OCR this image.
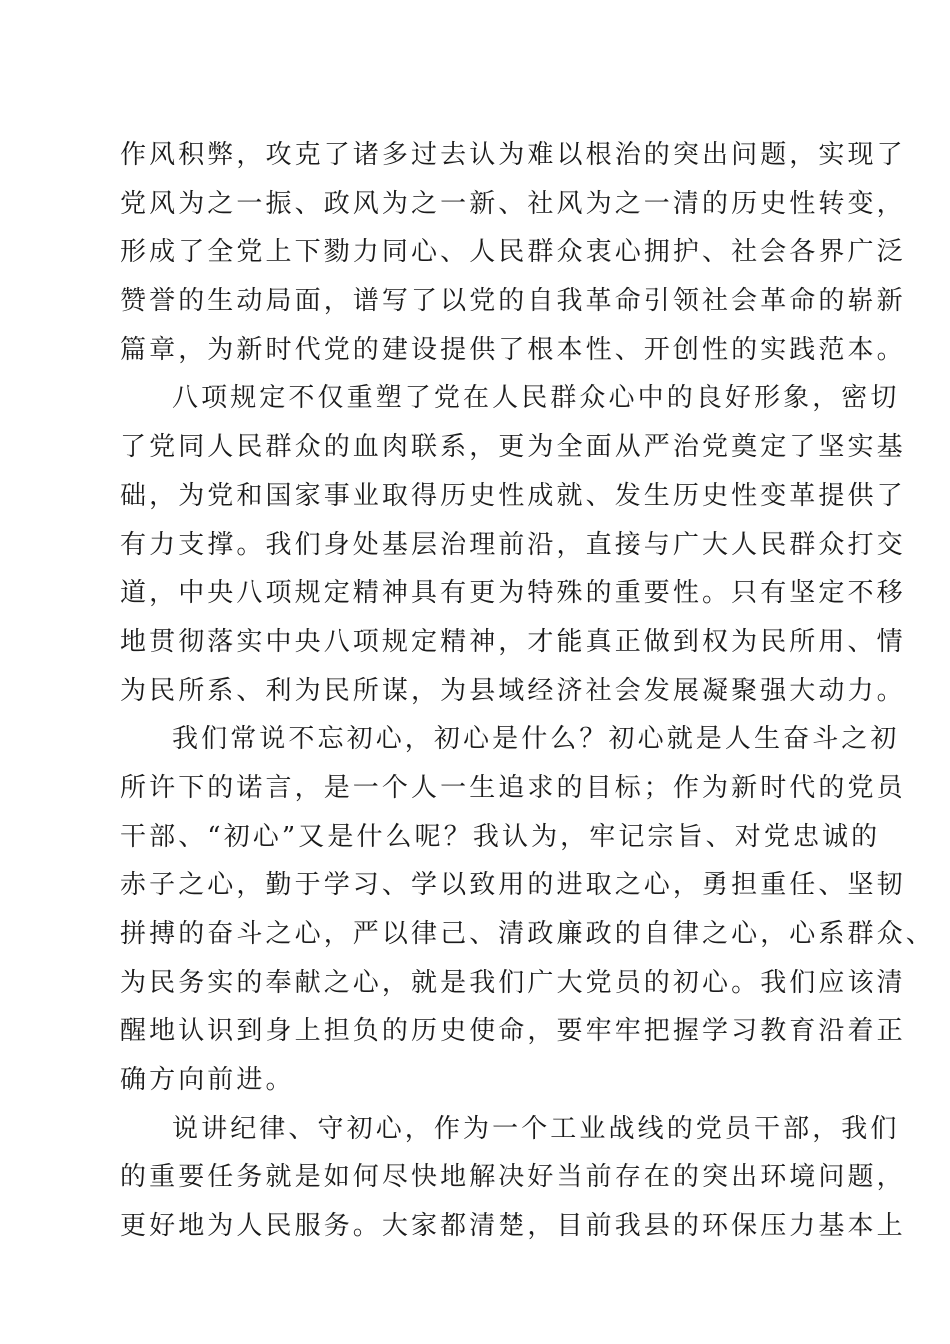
作风积弊，攻克了诸多过去认为难以根治的突出问题，实现了
党风为之一振、政风为之一新、社风为之一清的历史性转变，
形成了全党上下勠力同心、人民群众衷心拥护、社会各界广泛
赞誉的生动局面，谱写了以党的自我革命引领社会革命的崭新
篇章，为新时代党的建设提供了根本性、开创性的实践范本。
八项规定不仅重塑了党在人民群众心中的良好形象，密切
了党同人民群众的血肉联系，更为全面从严治党奠定了坚实基
础，为党和国家事业取得历史性成就、发生历史性变革提供了
有力支撑。我们身处基层治理前沿，直接与广大人民群众打交
道，中央八项规定精神具有更为特殊的重要性。只有坚定不移
地贯彻落实中央八项规定精神，才能真正做到权为民所用、情
为民所系、利为民所谋，为县域经济社会发展凝聚强大动力。
我们常说不忘初心，初心是什么？初心就是人生奋斗之初
所许下的诺言，是一个人一生追求的目标；作为新时代的党员
干部、“初心”又是什么呢？我认为，牢记宗旨、对党忠诚的
赤子之心，勤于学习、学以致用的进取之心，勇担重任、坚韧
拼搏的奋斗之心，严以律己、清政廉政的自律之心，心系群众、
为民务实的奉献之心，就是我们广大党员的初心。我们应该清
醒地认识到身上担负的历史使命，要牢牢把握学习教育沿着正
确方向前进。
说讲纪律、守初心，作为一个工业战线的党员干部，我们
的重要任务就是如何尽快地解决好当前存在的突出环境问题，
更好地为人民服务。大家都清楚，目前我县的环保压力基本上
